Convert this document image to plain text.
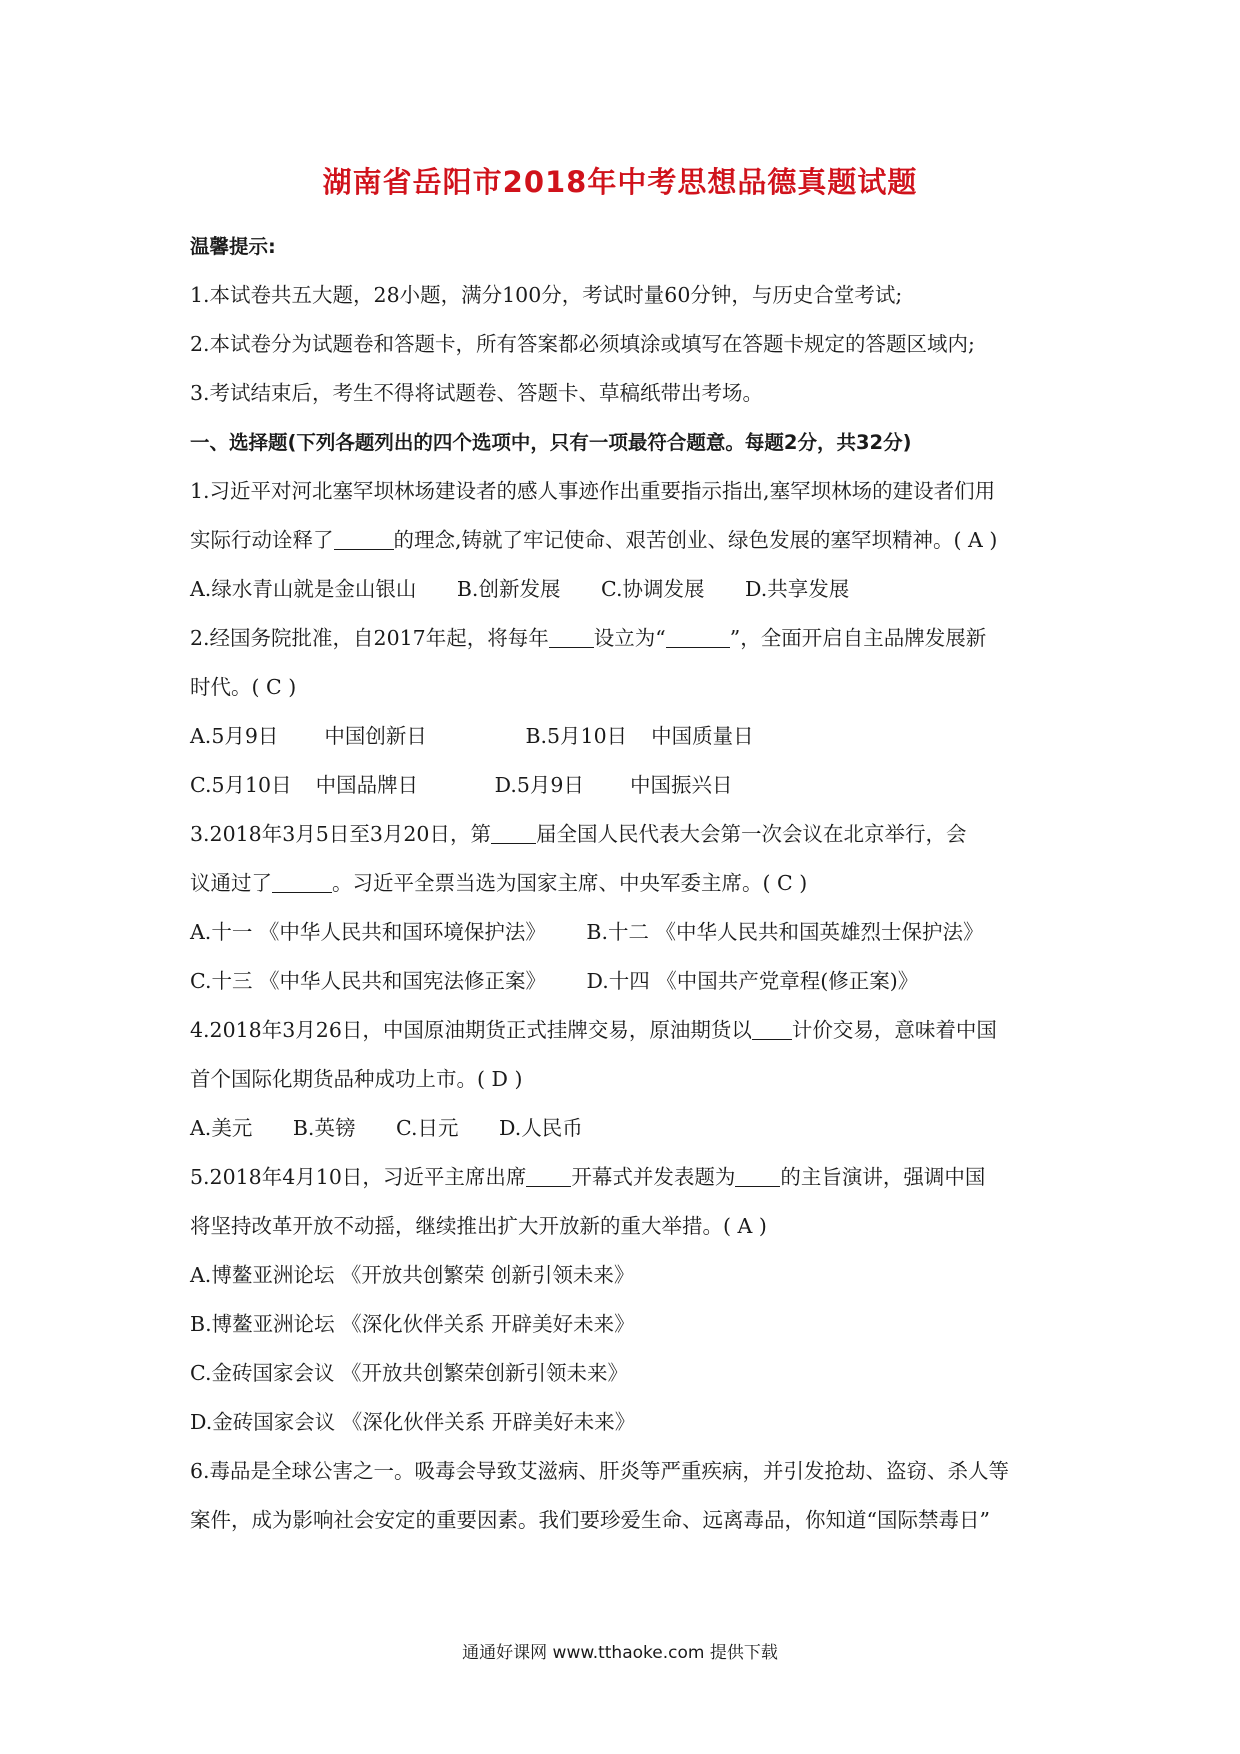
湖南省岳阳市2018年中考思想品德真题试题
温馨提示:
1.本试卷共五大题，28小题，满分100分，考试时量60分钟，与历史合堂考试;
2.本试卷分为试题卷和答题卡，所有答案都必须填涂或填写在答题卡规定的答题区域内;
3.考试结束后，考生不得将试题卷、答题卡、草稿纸带出考场。
一、选择题(下列各题列出的四个选项中，只有一项最符合题意。每题2分，共32分)
1.习近平对河北塞罕坝林场建设者的感人事迹作出重要指示指出,塞罕坝林场的建设者们用
实际行动诠释了	的理念,铸就了牢记使命、艰苦创业、绿色发展的塞罕坝精神。( A )
A.绿水青山就是金山银山 B.创新发展 C.协调发展 D.共享发展
2.经国务院批准，自2017年起，将每年 设立为“	”，全面开启自主品牌发展新
时代。( C )
A.5月9日 中国创新日	B.5月10日 中国质量日
C.5月10日 中国品牌日	D.5月9日 中国振兴日
3.2018年3月5日至3月20日，第 届全国人民代表大会第一次会议在北京举行，会
议通过了	。习近平全票当选为国家主席、中央军委主席。( C )
A.十一 《中华人民共和国环境保护法》 B.十二 《中华人民共和国英雄烈士保护法》
C.十三 《中华人民共和国宪法修正案》 D.十四 《中国共产党章程(修正案)》
4.2018年3月26日，中国原油期货正式挂牌交易，原油期货以 计价交易，意味着中国
首个国际化期货品种成功上市。( D )
A.美元 B.英镑 C.日元 D.人民币
5.2018年4月10日，习近平主席出席 开幕式并发表题为 的主旨演讲，强调中国
将坚持改革开放不动摇，继续推出扩大开放新的重大举措。( A )
A.博鳌亚洲论坛 《开放共创繁荣 创新引领未来》
B.博鳌亚洲论坛 《深化伙伴关系 开辟美好未来》
C.金砖国家会议 《开放共创繁荣创新引领未来》
D.金砖国家会议 《深化伙伴关系 开辟美好未来》
6.毒品是全球公害之一。吸毒会导致艾滋病、肝炎等严重疾病，并引发抢劫、盗窃、杀人等
案件，成为影响社会安定的重要因素。我们要珍爱生命、远离毒品，你知道“国际禁毒日”
通通好课网 www.tthaoke.com 提供下载
